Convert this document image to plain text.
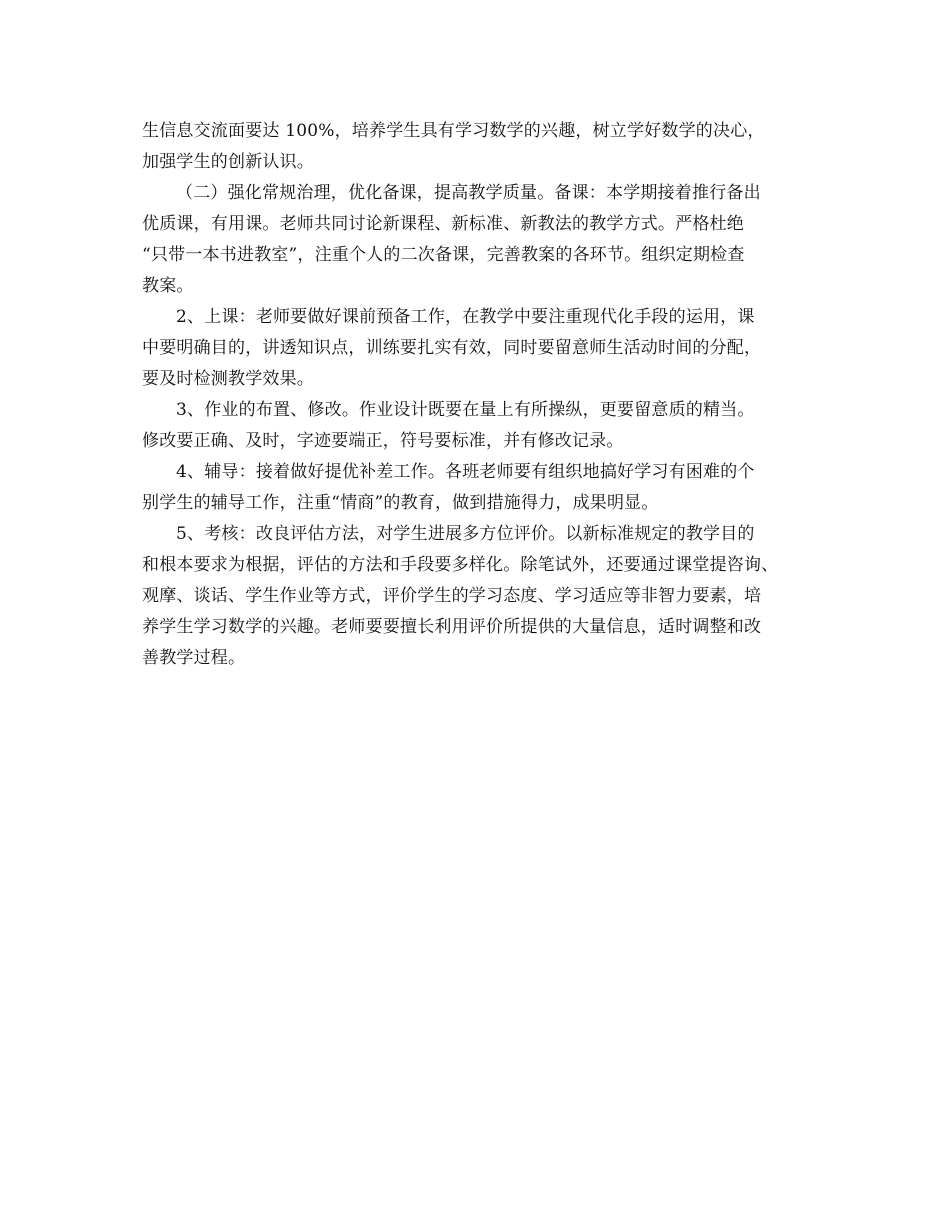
生信息交流面要达 100%，培养学生具有学习数学的兴趣，树立学好数学的决心，
加强学生的创新认识。
（二）强化常规治理，优化备课，提高教学质量。备课：本学期接着推行备出
优质课，有用课。老师共同讨论新课程、新标准、新教法的教学方式。严格杜绝
“只带一本书进教室”，注重个人的二次备课，完善教案的各环节。组织定期检查
教案。
2、上课：老师要做好课前预备工作，在教学中要注重现代化手段的运用，课
中要明确目的，讲透知识点，训练要扎实有效，同时要留意师生活动时间的分配，
要及时检测教学效果。
3、作业的布置、修改。作业设计既要在量上有所操纵，更要留意质的精当。
修改要正确、及时，字迹要端正，符号要标准，并有修改记录。
4、辅导：接着做好提优补差工作。各班老师要有组织地搞好学习有困难的个
别学生的辅导工作，注重“情商”的教育，做到措施得力，成果明显。
5、考核：改良评估方法，对学生进展多方位评价。以新标准规定的教学目的
和根本要求为根据，评估的方法和手段要多样化。除笔试外，还要通过课堂提咨询、
观摩、谈话、学生作业等方式，评价学生的学习态度、学习适应等非智力要素，培
养学生学习数学的兴趣。老师要要擅长利用评价所提供的大量信息，适时调整和改
善教学过程。
